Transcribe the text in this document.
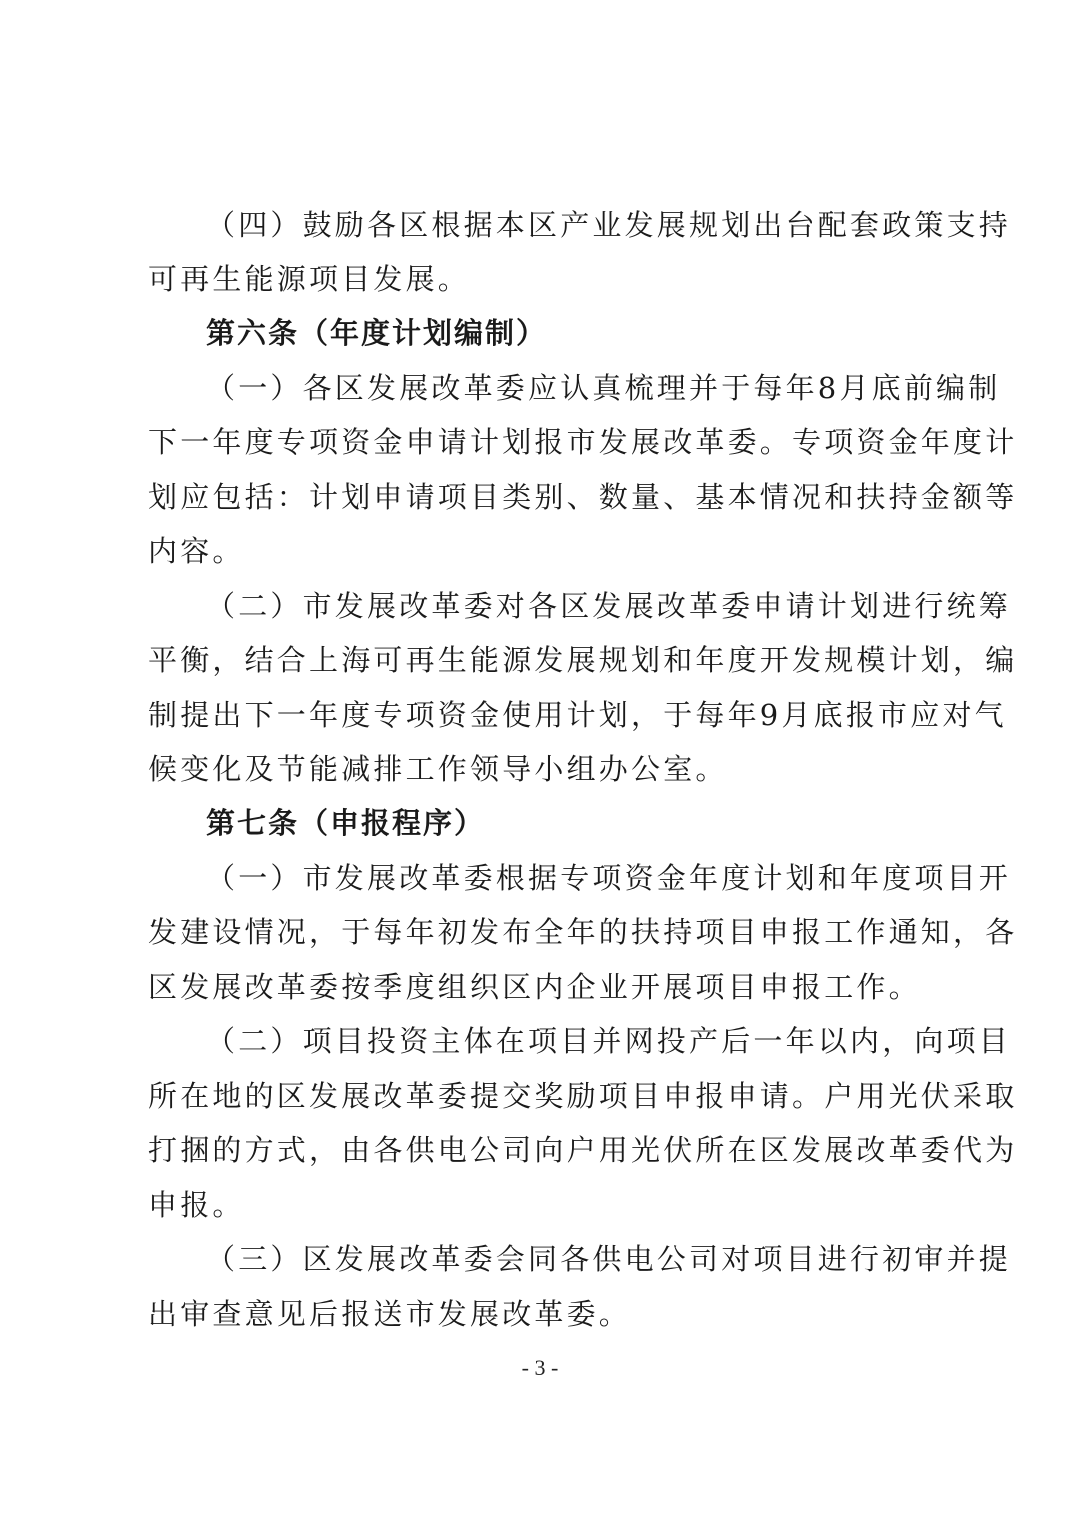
（四）鼓励各区根据本区产业发展规划出台配套政策支持
可再生能源项目发展。
第六条（年度计划编制）
（一）各区发展改革委应认真梳理并于每年8月底前编制
下一年度专项资金申请计划报市发展改革委。专项资金年度计
划应包括：计划申请项目类别、数量、基本情况和扶持金额等
内容。
（二）市发展改革委对各区发展改革委申请计划进行统筹
平衡，结合上海可再生能源发展规划和年度开发规模计划，编
制提出下一年度专项资金使用计划，于每年9月底报市应对气
候变化及节能减排工作领导小组办公室。
第七条（申报程序）
（一）市发展改革委根据专项资金年度计划和年度项目开
发建设情况，于每年初发布全年的扶持项目申报工作通知，各
区发展改革委按季度组织区内企业开展项目申报工作。
（二）项目投资主体在项目并网投产后一年以内，向项目
所在地的区发展改革委提交奖励项目申报申请。户用光伏采取
打捆的方式，由各供电公司向户用光伏所在区发展改革委代为
申报。
（三）区发展改革委会同各供电公司对项目进行初审并提
出审查意见后报送市发展改革委。
- 3 -
